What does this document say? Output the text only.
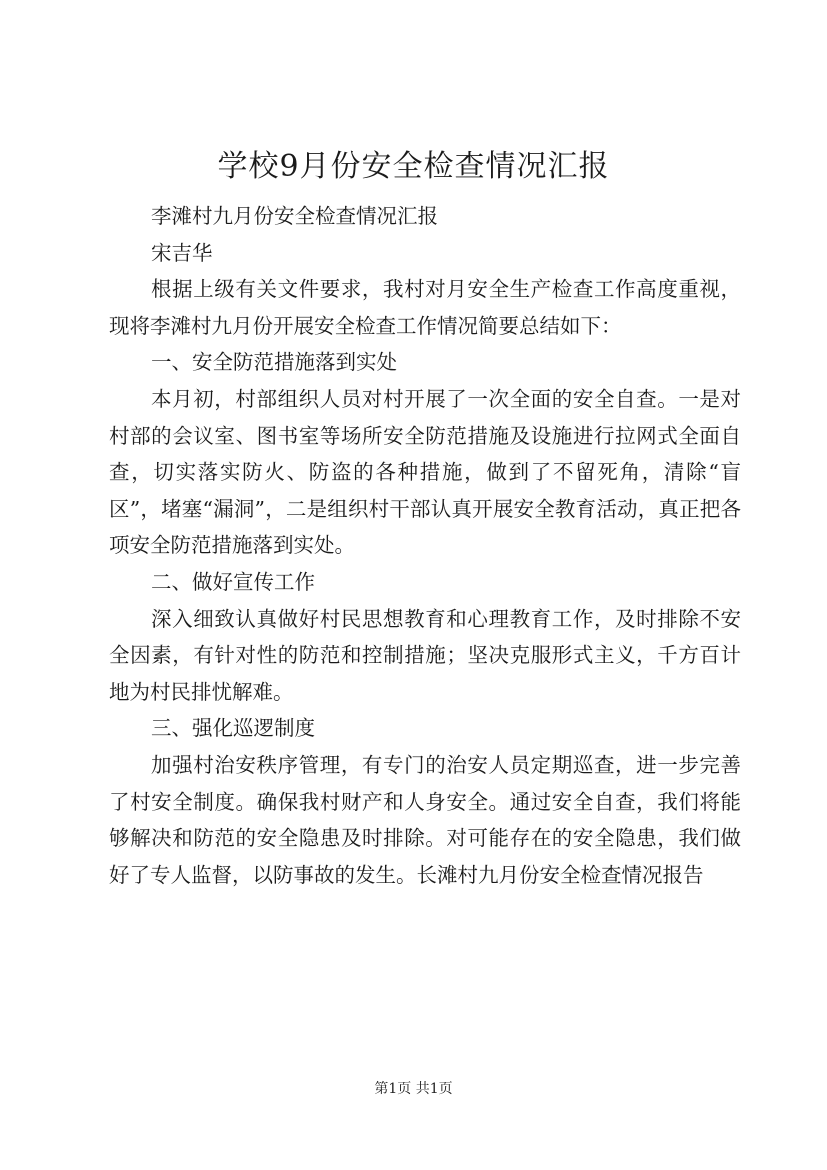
学校9月份安全检查情况汇报

李滩村九月份安全检查情况汇报

宋吉华

根据上级有关文件要求，我村对月安全生产检查工作高度重视，现将李滩村九月份开展安全检查工作情况简要总结如下：

一、安全防范措施落到实处

本月初，村部组织人员对村开展了一次全面的安全自查。一是对村部的会议室、图书室等场所安全防范措施及设施进行拉网式全面自查，切实落实防火、防盗的各种措施，做到了不留死角，清除“盲区”，堵塞“漏洞”，二是组织村干部认真开展安全教育活动，真正把各项安全防范措施落到实处。

二、做好宣传工作

深入细致认真做好村民思想教育和心理教育工作，及时排除不安全因素，有针对性的防范和控制措施；坚决克服形式主义，千方百计地为村民排忧解难。

三、强化巡逻制度

加强村治安秩序管理，有专门的治安人员定期巡查，进一步完善了村安全制度。确保我村财产和人身安全。通过安全自查，我们将能够解决和防范的安全隐患及时排除。对可能存在的安全隐患，我们做好了专人监督，以防事故的发生。长滩村九月份安全检查情况报告

第1页 共1页
